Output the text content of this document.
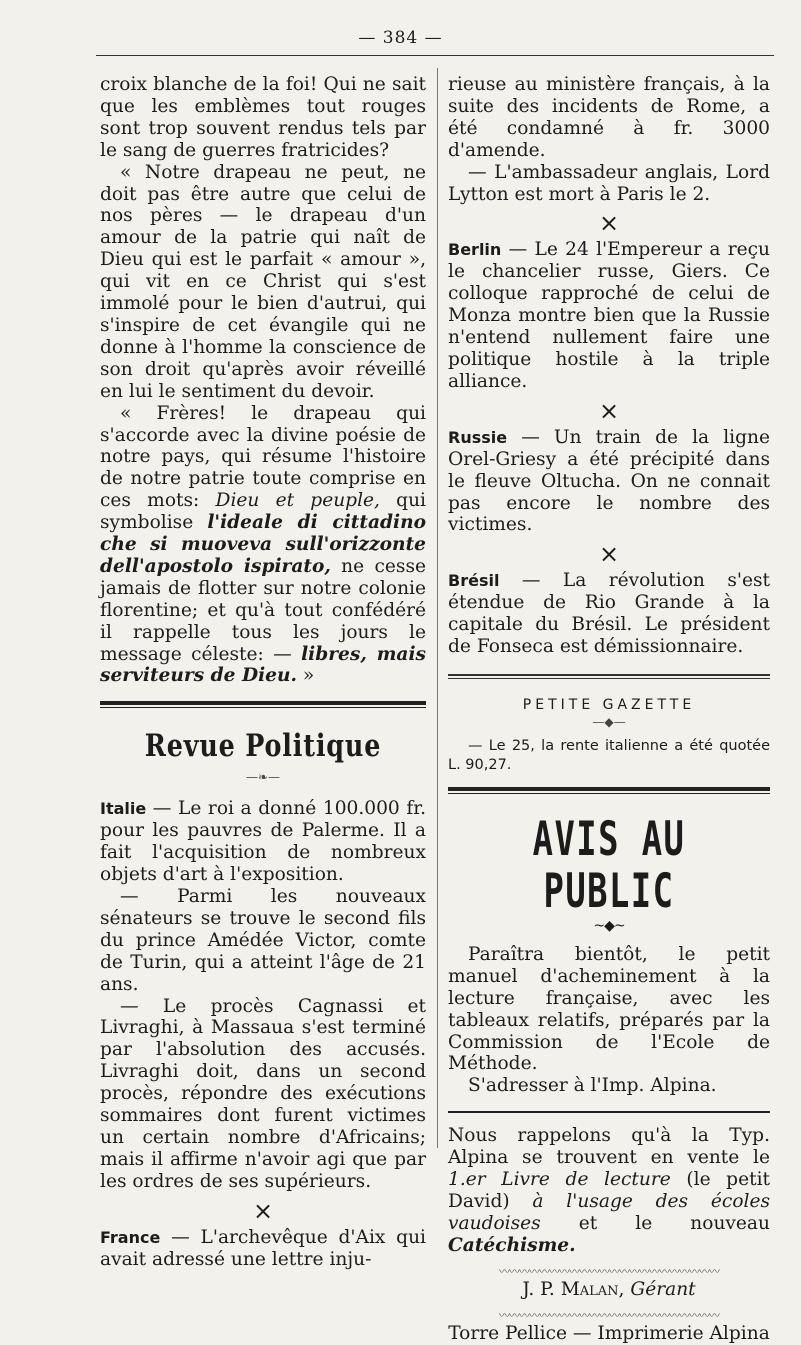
— 384 —

croix blanche de la foi! Qui ne sait que les emblèmes tout rouges sont trop souvent rendus tels par le sang de guerres fratricides?

« Notre drapeau ne peut, ne doit pas être autre que celui de nos pères — le drapeau d'un amour de la patrie qui naît de Dieu qui est le parfait « amour », qui vit en ce Christ qui s'est immolé pour le bien d'autrui, qui s'inspire de cet évangile qui ne donne à l'homme la conscience de son droit qu'après avoir réveillé en lui le sentiment du devoir.

« Frères! le drapeau qui s'accorde avec la divine poésie de notre pays, qui résume l'histoire de notre patrie toute comprise en ces mots: Dieu et peuple, qui symbolise l'ideale di cittadino che si muoveva sull'orizzonte dell'apostolo ispirato, ne cesse jamais de flotter sur notre colonie florentine; et qu'à tout confédéré il rappelle tous les jours le message céleste: — libres, mais serviteurs de Dieu. »

Revue Politique
—❧—

Italie — Le roi a donné 100.000 fr. pour les pauvres de Palerme. Il a fait l'acquisition de nombreux objets d'art à l'exposition.

— Parmi les nouveaux sénateurs se trouve le second fils du prince Amédée Victor, comte de Turin, qui a atteint l'âge de 21 ans.

— Le procès Cagnassi et Livraghi, à Massaua s'est terminé par l'absolution des accusés. Livraghi doit, dans un second procès, répondre des exécutions sommaires dont furent victimes un certain nombre d'Africains; mais il affirme n'avoir agi que par les ordres de ses supérieurs.

×

France — L'archevêque d'Aix qui avait adressé une lettre inju-

rieuse au ministère français, à la suite des incidents de Rome, a été condamné à fr. 3000 d'amende.

— L'ambassadeur anglais, Lord Lytton est mort à Paris le 2.

×

Berlin — Le 24 l'Empereur a reçu le chancelier russe, Giers. Ce colloque rapproché de celui de Monza montre bien que la Russie n'entend nullement faire une politique hostile à la triple alliance.

×

Russie — Un train de la ligne Orel-Griesy a été précipité dans le fleuve Oltucha. On ne connait pas encore le nombre des victimes.

×

Brésil — La révolution s'est étendue de Rio Grande à la capitale du Brésil. Le président de Fonseca est démissionnaire.

PETITE GAZETTE
—◆—

— Le 25, la rente italienne a été quotée L. 90,27.

AVIS AU PUBLIC
~◆~

Paraîtra bientôt, le petit manuel d'acheminement à la lecture française, avec les tableaux relatifs, préparés par la Commission de l'Ecole de Méthode.

S'adresser à l'Imp. Alpina.

Nous rappelons qu'à la Typ. Alpina se trouvent en vente le 1.er Livre de lecture (le petit David) à l'usage des écoles vaudoises et le nouveau Catéchisme.

〰〰〰〰〰〰〰〰〰〰〰〰〰〰〰〰〰〰〰〰〰〰

J. P. Malan, Gérant

〰〰〰〰〰〰〰〰〰〰〰〰〰〰〰〰〰〰〰〰〰〰

Torre Pellice — Imprimerie Alpina
